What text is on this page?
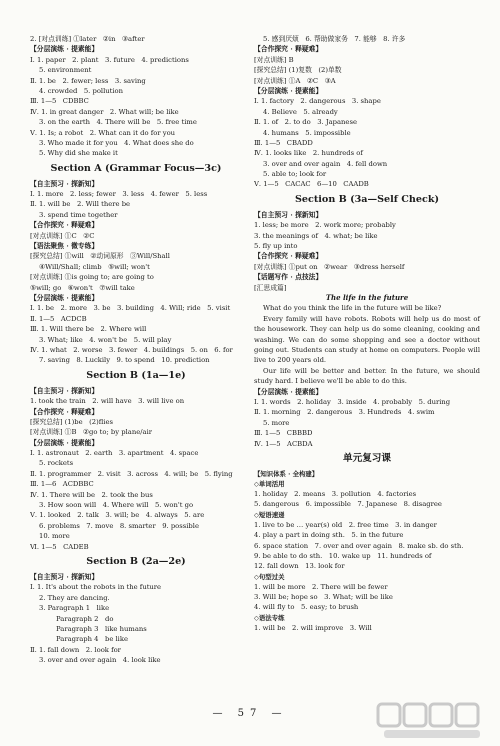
2. [对点训练] ①later   ②in   ③after
【分层演练 · 提素能】
Ⅰ. 1. paper   2. plant   3. future   4. predictions
5. environment
Ⅱ. 1. be   2. fewer; less   3. saving
4. crowded   5. pollution
Ⅲ. 1—5   CDBBC
Ⅳ. 1. in great danger   2. What will; be like
3. on the earth   4. There will be   5. free time
Ⅴ. 1. Is; a robot   2. What can it do for you
3. Who made it for you   4. What does she do
5. Why did she make it
Section A (Grammar Focus—3c)
【自主预习 · 探新知】
Ⅰ. 1. more   2. less; fewer   3. less   4. fewer   5. less
Ⅱ. 1. will be   2. Will there be
3. spend time together
【合作探究 · 释疑难】
[对点训练] ①C   ②C
【语法聚焦 · 微专练】
[探究总结] ①will   ②动词原形   ③Will/Shall
④Will/Shall; climb   ⑤will; won't
[对点训练] ①is going to; are going to
⑤will; go   ⑥won't   ⑦will take
【分层演练 · 提素能】
Ⅰ. 1. be   2. more   3. be   3. building   4. Will; ride   5. visit
Ⅱ. 1—5   ACDCB
Ⅲ. 1. Will there be   2. Where will
3. What; like   4. won't be   5. will play
Ⅳ. 1. what   2. worse   3. fewer   4. buildings   5. on   6. for
7. saving   8. Luckily   9. to spend   10. prediction
Section B (1a—1e)
【自主预习 · 探新知】
1. took the train   2. will have   3. will live on
【合作探究 · 释疑难】
[探究总结] (1)be   (2)flies
[对点训练] ①B   ②go to; by plane/air
【分层演练 · 提素能】
Ⅰ. 1. astronaut   2. earth   3. apartment   4. space
5. rockets
Ⅱ. 1. programmer   2. visit   3. across   4. will; be   5. flying
Ⅲ. 1—6   ACDBBC
Ⅳ. 1. There will be   2. took the bus
3. How soon will   4. Where will   5. won't go
Ⅴ. 1. looked   2. talk   3. will; be   4. always   5. are
6. problems   7. move   8. smarter   9. possible
10. more
Ⅵ. 1—5   CADEB
Section B (2a—2e)
【自主预习 · 探新知】
Ⅰ. 1. It's about the robots in the future
2. They are dancing.
3. Paragraph 1   like
Paragraph 2   do
Paragraph 3   like humans
Paragraph 4   be like
Ⅱ. 1. fall down   2. look for
3. over and over again   4. look like
5. 感到厌烦   6. 帮助做家务   7. 能够   8. 许多
【合作探究 · 释疑难】
[对点训练] B
[探究总结] (1)复数   (2)单数
[对点训练] ①A   ②C   ③A
【分层演练 · 提素能】
Ⅰ. 1. factory   2. dangerous   3. shape
4. Believe   5. already
Ⅱ. 1. of   2. to do   3. Japanese
4. humans   5. impossible
Ⅲ. 1—5   CBADD
Ⅳ. 1. looks like   2. hundreds of
3. over and over again   4. fell down
5. able to; look for
Ⅴ. 1—5   CACAC   6—10   CAADB
Section B (3a—Self Check)
【自主预习 · 探新知】
1. less; be more   2. work more; probably
3. the meanings of   4. what; be like
5. fly up into
【合作探究 · 释疑难】
[对点训练] ①put on   ②wear   ③dress herself
【话题写作 · 点技法】
[汇思成篇]
The life in the future

What do you think the life in the future will be like?

Every family will have robots. Robots will help us do most of the housework. They can help us do some cleaning, cooking and washing. We can do some shopping and see a doctor without going out. Students can study at home on computers. People will live to 200 years old.

Our life will be better and better. In the future, we should study hard. I believe we'll be able to do this.

【分层演练 · 提素能】
Ⅰ. 1. words   2. holiday   3. inside   4. probably   5. during
Ⅱ. 1. morning   2. dangerous   3. Hundreds   4. swim
5. more
Ⅲ. 1—5   CBBBD
Ⅳ. 1—5   ACBDA
单元复习课
【知识体系 · 全构建】
◇单词活用
1. holiday   2. means   3. pollution   4. factories
5. dangerous   6. impossible   7. Japanese   8. disagree
◇短语速递
1. live to be … year(s) old   2. free time   3. in danger
4. play a part in doing sth.   5. in the future
6. space station   7. over and over again   8. make sb. do sth.
9. be able to do sth.   10. wake up   11. hundreds of
12. fall down   13. look for
◇句型过关
1. will be more   2. There will be fewer
3. Will be; hope so   3. What; will be like
4. will fly to   5. easy; to brush
◇语法专练
1. will be   2. will improve   3. Will
— 57 —
